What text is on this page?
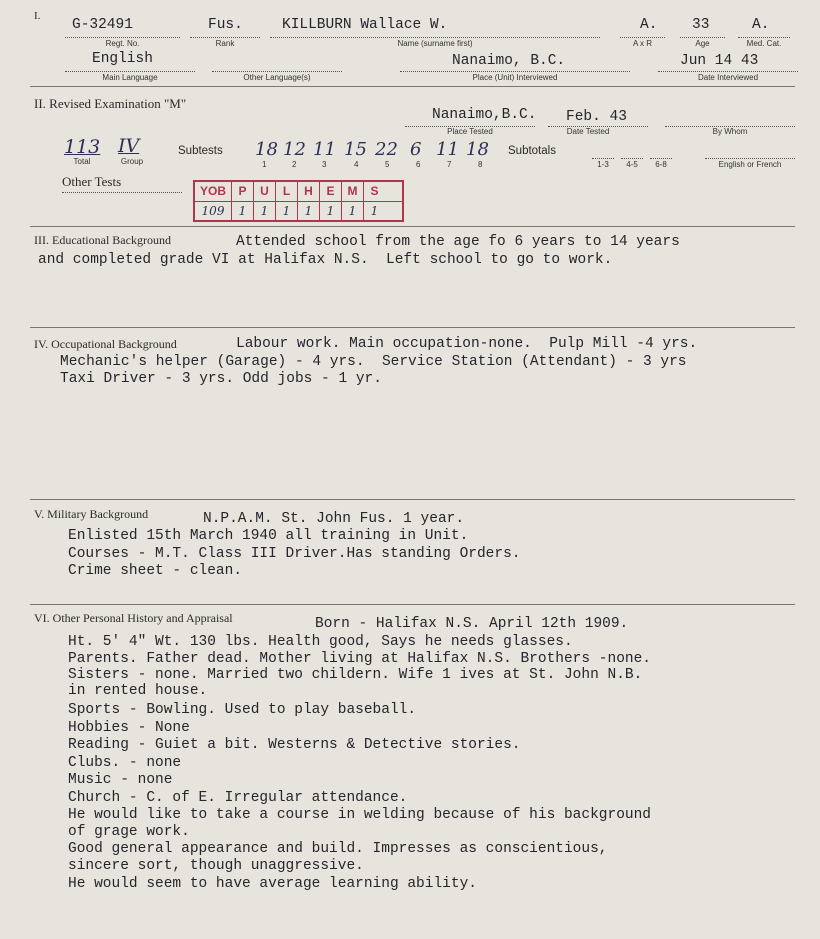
I.
G-32491
Regt. No.
Fus.
Rank
KILLBURN Wallace W.
Name (surname first)
A.
A x R
33
Age
A.
Med. Cat.
English
Main Language	Other Language(s)
Nanaimo, B.C.
Place (Unit) Interviewed
Jun 14 43
Date Interviewed
II. Revised Examination "M"
Nanaimo,B.C.
Place Tested
Feb. 43
Date Tested	By Whom
113
Total
IV
Group
Subtests 18
1
12
2
11
3
15
4
22
5
6
6
11
7
18
8
Subtotals
1-3	4-5	6-8	English or French
Other Tests
YOB P U L H E M S
109 1 1 1 1 1 1 1
III. Educational Background	Attended school from the age fo 6 years to 14 years
and completed grade VI at Halifax N.S.  Left school to go to work.
IV. Occupational Background	Labour work. Main occupation-none.  Pulp Mill -4 yrs.
Mechanic's helper (Garage) - 4 yrs.  Service Station (Attendant) - 3 yrs
Taxi Driver - 3 yrs. Odd jobs - 1 yr.
V. Military Background	N.P.A.M. St. John Fus. 1 year.
Enlisted 15th March 1940 all training in Unit.
Courses - M.T. Class III Driver.Has standing Orders.
Crime sheet - clean.
VI. Other Personal History and Appraisal	Born - Halifax N.S. April 12th 1909.
Ht. 5' 4" Wt. 130 lbs. Health good, Says he needs glasses.
Parents. Father dead. Mother living at Halifax N.S. Brothers -none.
Sisters - none. Married two childern. Wife 1 ives at St. John N.B.
in rented house.
Sports - Bowling. Used to play baseball.
Hobbies - None
Reading - Guiet a bit. Westerns & Detective stories.
Clubs. - none
Music - none
Church - C. of E. Irregular attendance.
He would like to take a course in welding because of his background
of grage work.
Good general appearance and build. Impresses as conscientious,
sincere sort, though unaggressive.
He would seem to have average learning ability.
